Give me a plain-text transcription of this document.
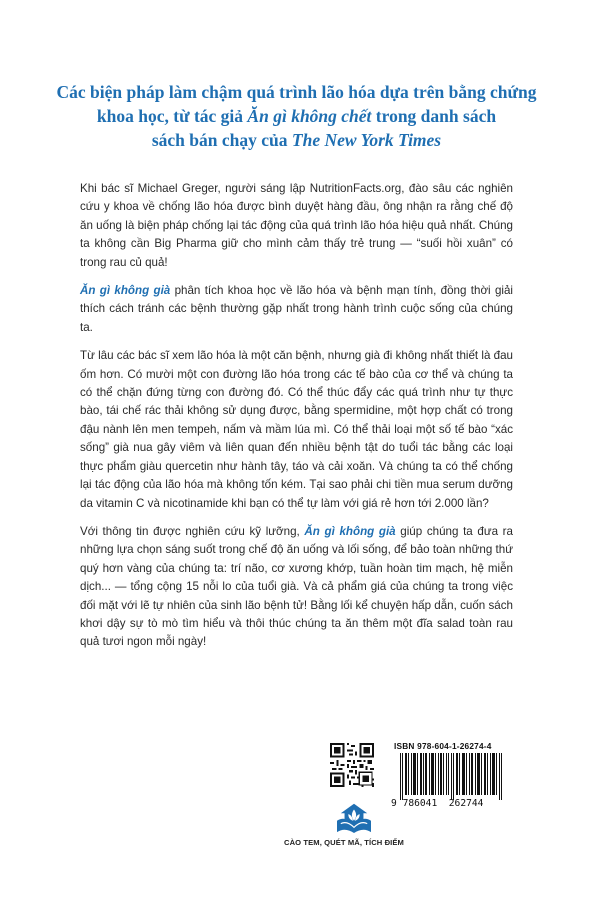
Các biện pháp làm chậm quá trình lão hóa dựa trên bằng chứng
khoa học, từ tác giả Ăn gì không chết trong danh sách
sách bán chạy của The New York Times

Khi bác sĩ Michael Greger, người sáng lập NutritionFacts.org, đào sâu các nghiên cứu y khoa về chống lão hóa được bình duyệt hàng đầu, ông nhận ra rằng chế độ ăn uống là biện pháp chống lại tác động của quá trình lão hóa hiệu quả nhất. Chúng ta không cần Big Pharma giữ cho mình cảm thấy trẻ trung — “suối hồi xuân” có trong rau củ quả!

Ăn gì không già phân tích khoa học về lão hóa và bệnh mạn tính, đồng thời giải thích cách tránh các bệnh thường gặp nhất trong hành trình cuộc sống của chúng ta.

Từ lâu các bác sĩ xem lão hóa là một căn bệnh, nhưng già đi không nhất thiết là đau ốm hơn. Có mười một con đường lão hóa trong các tế bào của cơ thể và chúng ta có thể chặn đứng từng con đường đó. Có thể thúc đẩy các quá trình như tự thực bào, tái chế rác thải không sử dụng được, bằng spermidine, một hợp chất có trong đậu nành lên men tempeh, nấm và mầm lúa mì. Có thể thải loại một số tế bào “xác sống” già nua gây viêm và liên quan đến nhiều bệnh tật do tuổi tác bằng các loại thực phẩm giàu quercetin như hành tây, táo và cải xoăn. Và chúng ta có thể chống lại tác động của lão hóa mà không tốn kém. Tại sao phải chi tiền mua serum dưỡng da vitamin C và nicotinamide khi bạn có thể tự làm với giá rẻ hơn tới 2.000 lần?

Với thông tin được nghiên cứu kỹ lưỡng, Ăn gì không già giúp chúng ta đưa ra những lựa chọn sáng suốt trong chế độ ăn uống và lối sống, để bảo toàn những thứ quý hơn vàng của chúng ta: trí não, cơ xương khớp, tuần hoàn tim mạch, hệ miễn dịch... — tổng cộng 15 nỗi lo của tuổi già. Và cả phẩm giá của chúng ta trong việc đối mặt với lẽ tự nhiên của sinh lão bệnh tử! Bằng lối kể chuyện hấp dẫn, cuốn sách khơi dậy sự tò mò tìm hiểu và thôi thúc chúng ta ăn thêm một đĩa salad toàn rau quả tươi ngon mỗi ngày!

CÀO TEM, QUÉT MÃ, TÍCH ĐIỂM
ISBN 978-604-1-26274-4
9 786041 262744
